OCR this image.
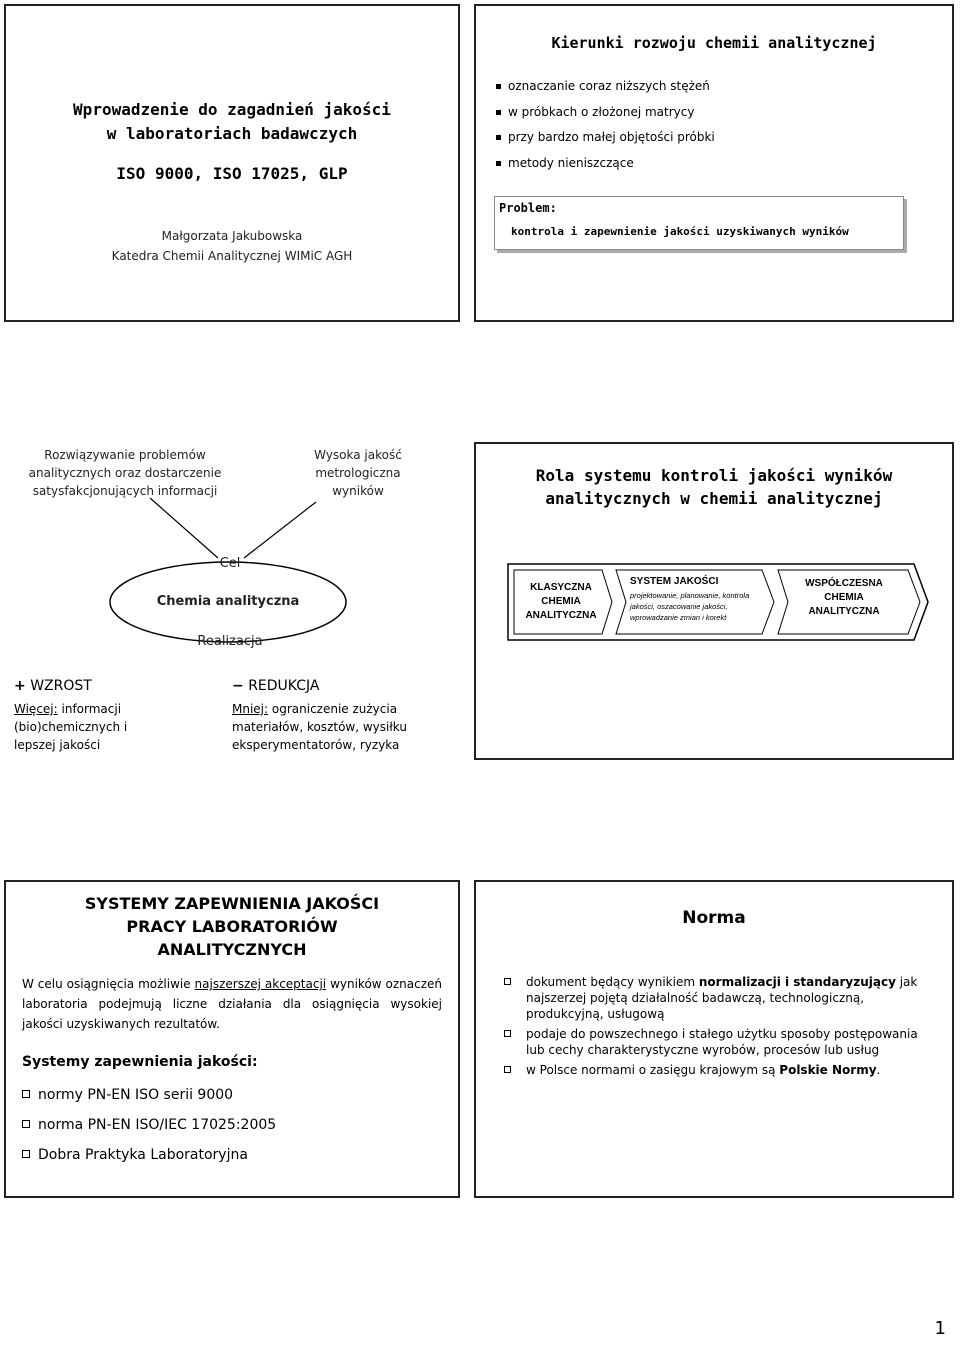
Wprowadzenie do zagadnień jakości
w laboratoriach badawczych
ISO 9000, ISO 17025, GLP
Małgorzata Jakubowska
Katedra Chemii Analitycznej WIMiC AGH
Kierunki rozwoju chemii analitycznej
oznaczanie coraz niższych stężeń
w próbkach o złożonej matrycy
przy bardzo małej objętości próbki
metody nieniszczące
Problem:
kontrola i zapewnienie jakości uzyskiwanych wyników
Rozwiązywanie problemów
analitycznych oraz dostarczenie
satysfakcjonujących informacji
Wysoka jakość
metrologiczna
wyników
Cel
Chemia analityczna
Realizacja
+ WZROST	− REDUKCJA
Więcej: informacji
(bio)chemicznych i
lepszej jakości
Mniej: ograniczenie zużycia
materiałów, kosztów, wysiłku
eksperymentatorów, ryzyka
Rola systemu kontroli jakości wyników
analitycznych w chemii analitycznej
KLASYCZNA
CHEMIA
ANALITYCZNA
WSPÓŁCZESNA
CHEMIA
ANALITYCZNA
SYSTEM JAKOŚCI
projektowanie, planowanie, kontrola
jakości, oszacowanie jakości,
wprowadzanie zmian i korekt
SYSTEMY ZAPEWNIENIA JAKOŚCI
PRACY LABORATORIÓW
ANALITYCZNYCH
W celu osiągnięcia możliwie najszerszej akceptacji wyników oznaczeń laboratoria podejmują liczne działania dla osiągnięcia wysokiej jakości uzyskiwanych rezultatów.
Systemy zapewnienia jakości:
normy PN-EN ISO serii 9000
norma PN-EN ISO/IEC 17025:2005
Dobra Praktyka Laboratoryjna
Norma
dokument będący wynikiem normalizacji i standaryzujący jak najszerzej pojętą działalność badawczą, technologiczną, produkcyjną, usługową
podaje do powszechnego i stałego użytku sposoby postępowania lub cechy charakterystyczne wyrobów, procesów lub usług
w Polsce normami o zasięgu krajowym są Polskie Normy.
1
